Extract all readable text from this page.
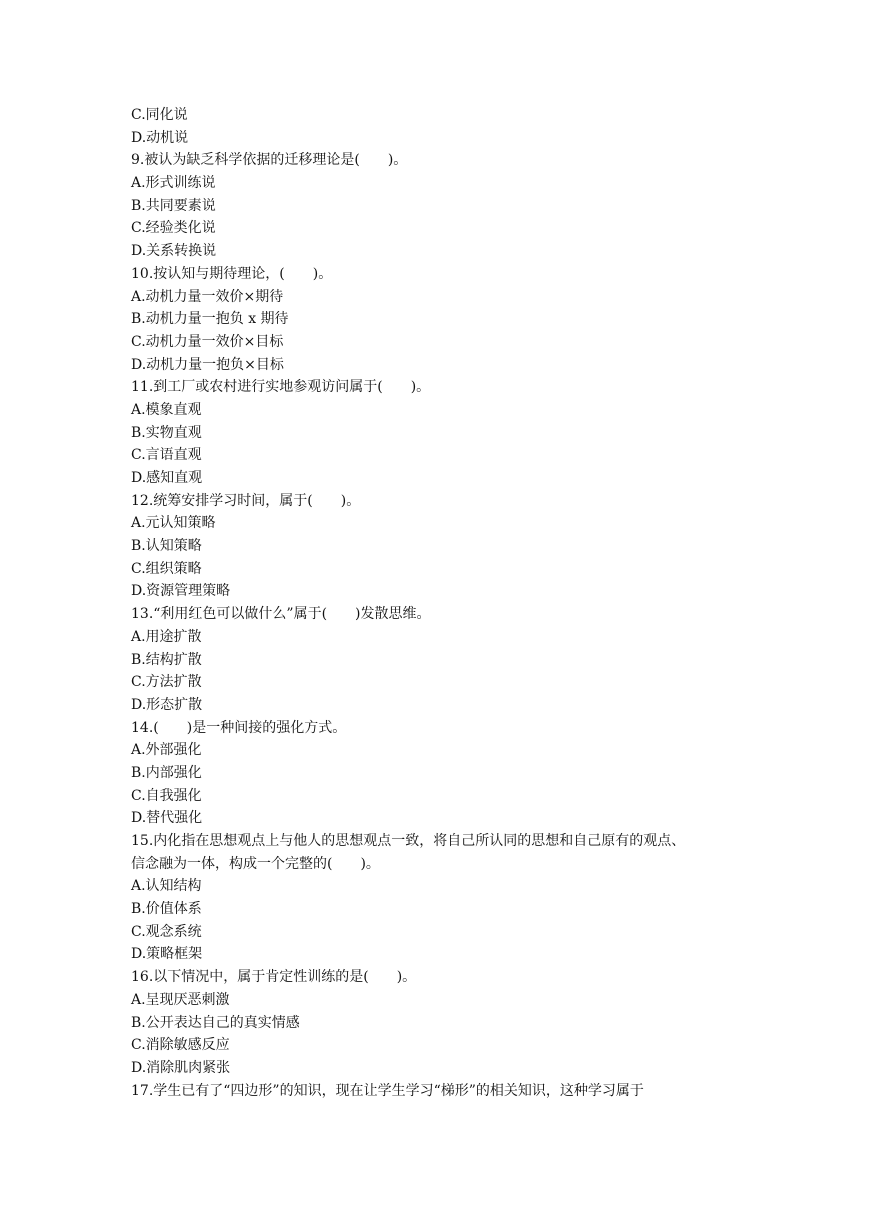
C.同化说
D.动机说
9.被认为缺乏科学依据的迁移理论是(　　)。
A.形式训练说
B.共同要素说
C.经验类化说
D.关系转换说
10.按认知与期待理论，(　　)。
A.动机力量一效价×期待
B.动机力量一抱负 x 期待
C.动机力量一效价×目标
D.动机力量一抱负×目标
11.到工厂或农村进行实地参观访问属于(　　)。
A.模象直观
B.实物直观
C.言语直观
D.感知直观
12.统筹安排学习时间，属于(　　)。
A.元认知策略
B.认知策略
C.组织策略
D.资源管理策略
13.“利用红色可以做什么”属于(　　)发散思维。
A.用途扩散
B.结构扩散
C.方法扩散
D.形态扩散
14.(　　)是一种间接的强化方式。
A.外部强化
B.内部强化
C.自我强化
D.替代强化
15.内化指在思想观点上与他人的思想观点一致，将自己所认同的思想和自己原有的观点、
信念融为一体，构成一个完整的(　　)。
A.认知结构
B.价值体系
C.观念系统
D.策略框架
16.以下情况中，属于肯定性训练的是(　　)。
A.呈现厌恶刺激
B.公开表达自己的真实情感
C.消除敏感反应
D.消除肌肉紧张
17.学生已有了“四边形”的知识，现在让学生学习“梯形”的相关知识，这种学习属于
